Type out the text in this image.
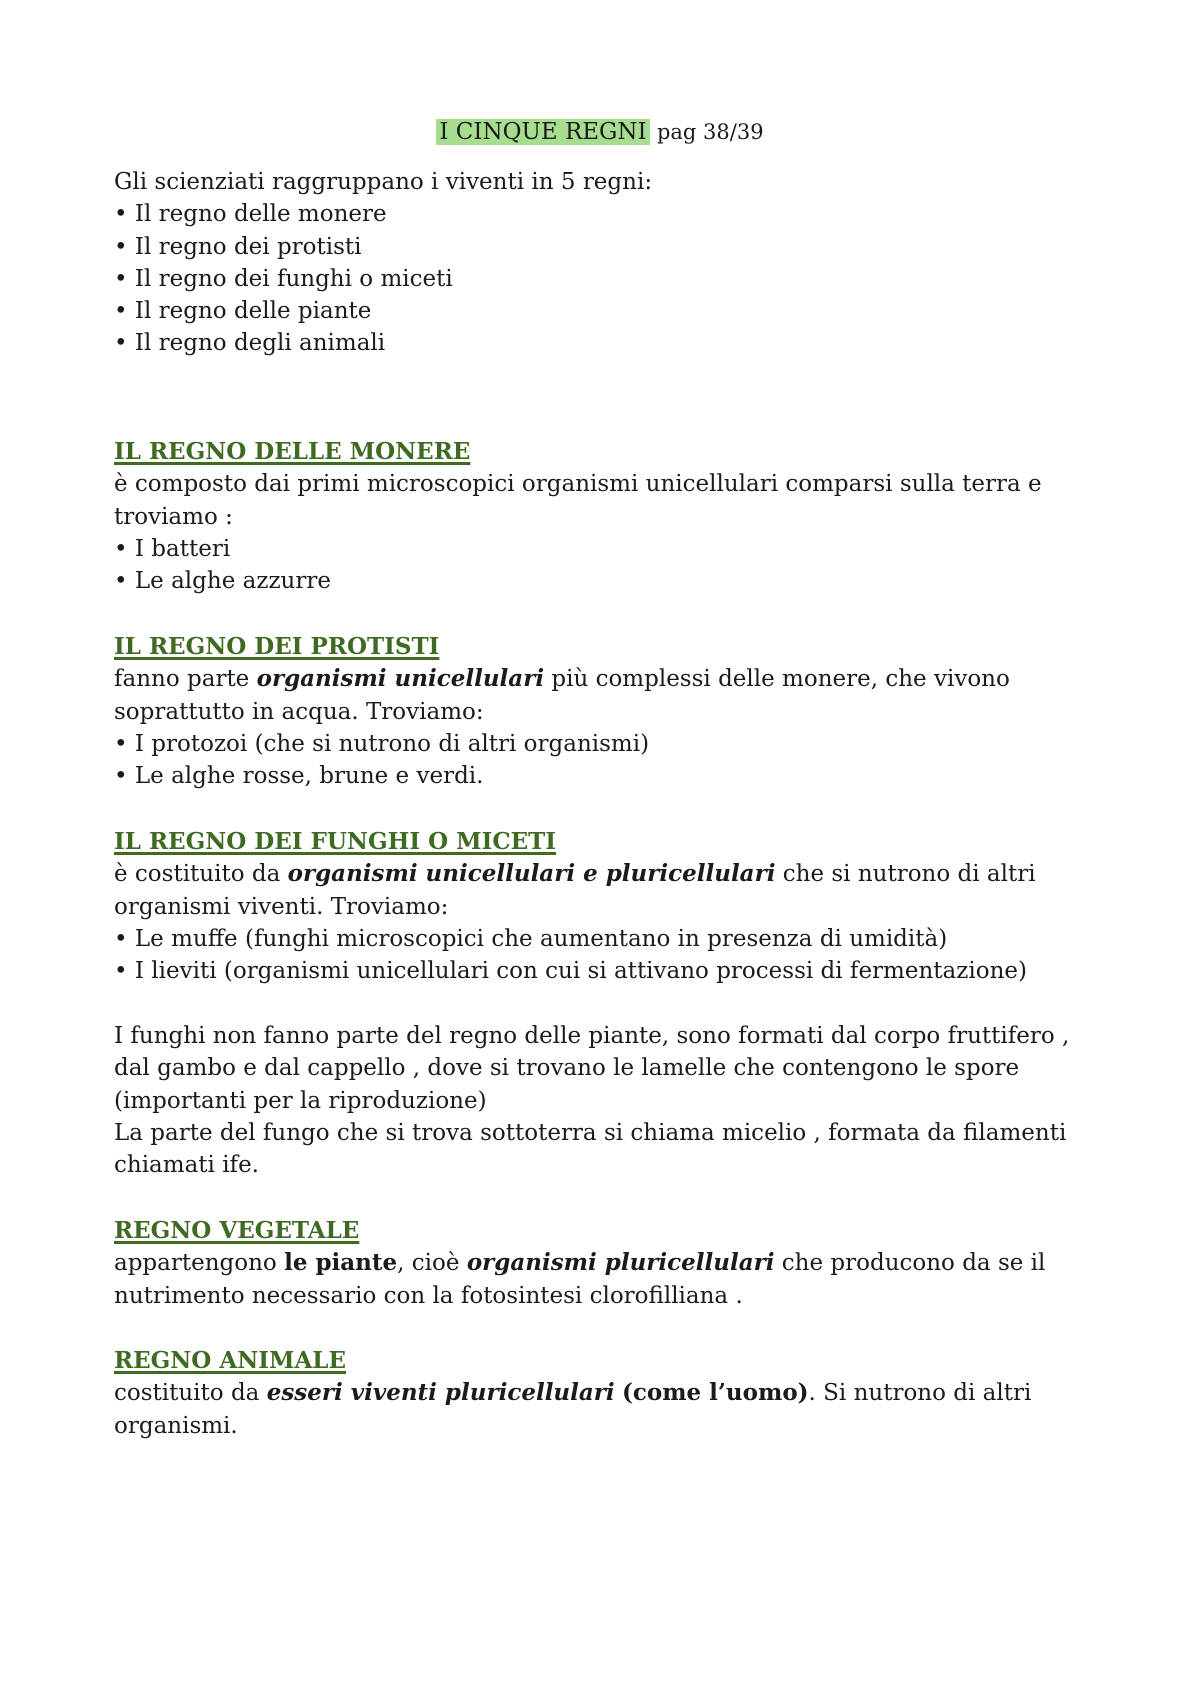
I CINQUE REGNI pag 38/39
Gli scienziati raggruppano i viventi in 5 regni:
• Il regno delle monere
• Il regno dei protisti
• Il regno dei funghi o miceti
• Il regno delle piante
• Il regno degli animali
IL REGNO DELLE MONERE

è composto dai primi microscopici organismi unicellulari comparsi sulla terra e troviamo :

• I batteri
• Le alghe azzurre
IL REGNO DEI PROTISTI

fanno parte organismi unicellulari più complessi delle monere, che vivono soprattutto in acqua. Troviamo:

• I protozoi (che si nutrono di altri organismi)
• Le alghe rosse, brune e verdi.
IL REGNO DEI FUNGHI O MICETI

è costituito da organismi unicellulari e pluricellulari che si nutrono di altri organismi viventi. Troviamo:

• Le muffe (funghi microscopici che aumentano in presenza di umidità)
• I lieviti (organismi unicellulari con cui si attivano processi di fermentazione)

I funghi non fanno parte del regno delle piante, sono formati dal corpo fruttifero , dal gambo e dal cappello , dove si trovano le lamelle che contengono le spore (importanti per la riproduzione)

La parte del fungo che si trova sottoterra si chiama micelio , formata da filamenti chiamati ife.

REGNO VEGETALE

appartengono le piante, cioè organismi pluricellulari che producono da se il nutrimento necessario con la fotosintesi clorofilliana .

REGNO ANIMALE

costituito da esseri viventi pluricellulari (come l’uomo). Si nutrono di altri organismi.
